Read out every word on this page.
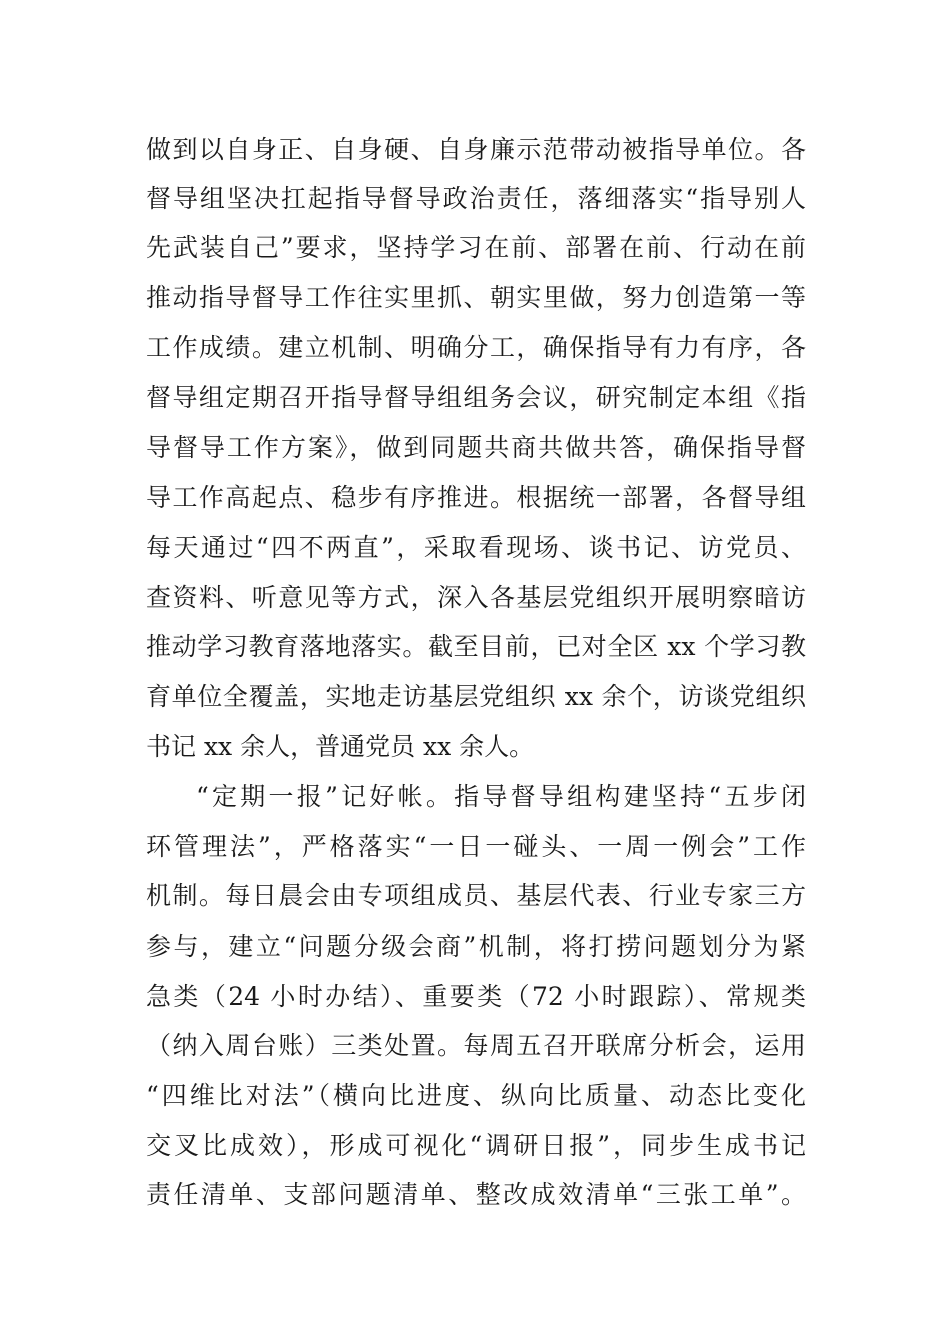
做到以自身正、自身硬、自身廉示范带动被指导单位。各
督导组坚决扛起指导督导政治责任，落细落实“指导别人
先武装自己”要求，坚持学习在前、部署在前、行动在前
推动指导督导工作往实里抓、朝实里做，努力创造第一等
工作成绩。建立机制、明确分工，确保指导有力有序，各
督导组定期召开指导督导组组务会议，研究制定本组《指
导督导工作方案》，做到同题共商共做共答，确保指导督
导工作高起点、稳步有序推进。根据统一部署，各督导组
每天通过“四不两直”，采取看现场、谈书记、访党员、
查资料、听意见等方式，深入各基层党组织开展明察暗访
推动学习教育落地落实。截至目前，已对全区 xx 个学习教
育单位全覆盖，实地走访基层党组织 xx 余个，访谈党组织
书记 xx 余人，普通党员 xx 余人。
“定期一报”记好帐。指导督导组构建坚持“五步闭
环管理法”，严格落实“一日一碰头、一周一例会”工作
机制。每日晨会由专项组成员、基层代表、行业专家三方
参与，建立“问题分级会商”机制，将打捞问题划分为紧
急类（24 小时办结）、重要类（72 小时跟踪）、常规类
（纳入周台账）三类处置。每周五召开联席分析会，运用
“四维比对法”（横向比进度、纵向比质量、动态比变化
交叉比成效），形成可视化“调研日报”，同步生成书记
责任清单、支部问题清单、整改成效清单“三张工单”。
